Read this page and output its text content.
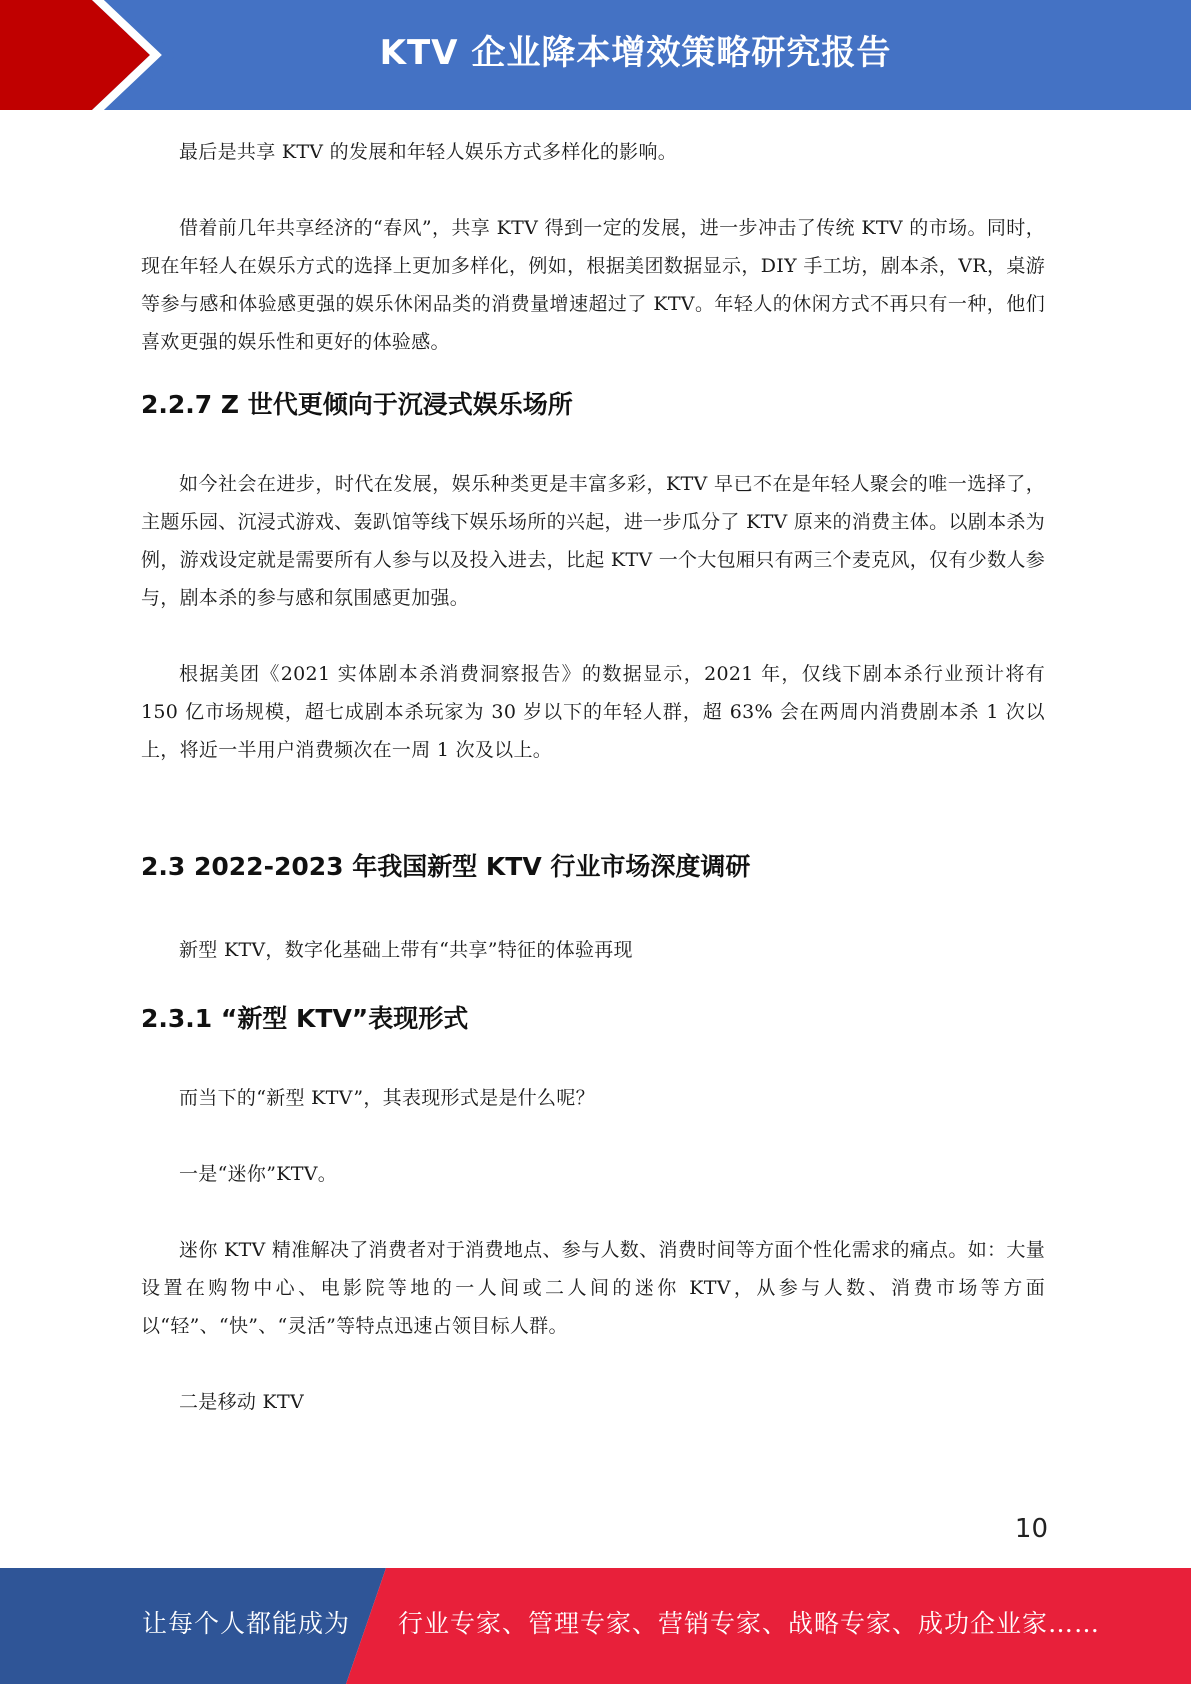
KTV 企业降本增效策略研究报告

最后是共享 KTV 的发展和年轻人娱乐方式多样化的影响。

借着前几年共享经济的“春风”，共享 KTV 得到一定的发展，进一步冲击了传统 KTV 的市场。同时，现在年轻人在娱乐方式的选择上更加多样化，例如，根据美团数据显示，DIY 手工坊，剧本杀，VR，桌游等参与感和体验感更强的娱乐休闲品类的消费量增速超过了 KTV。年轻人的休闲方式不再只有一种，他们喜欢更强的娱乐性和更好的体验感。

2.2.7 Z 世代更倾向于沉浸式娱乐场所

如今社会在进步，时代在发展，娱乐种类更是丰富多彩，KTV 早已不在是年轻人聚会的唯一选择了，主题乐园、沉浸式游戏、轰趴馆等线下娱乐场所的兴起，进一步瓜分了 KTV 原来的消费主体。以剧本杀为例，游戏设定就是需要所有人参与以及投入进去，比起 KTV 一个大包厢只有两三个麦克风，仅有少数人参与，剧本杀的参与感和氛围感更加强。

根据美团《2021 实体剧本杀消费洞察报告》的数据显示，2021 年，仅线下剧本杀行业预计将有 150 亿市场规模，超七成剧本杀玩家为 30 岁以下的年轻人群，超 63% 会在两周内消费剧本杀 1 次以上，将近一半用户消费频次在一周 1 次及以上。

2.3 2022-2023 年我国新型 KTV 行业市场深度调研

新型 KTV，数字化基础上带有“共享”特征的体验再现

2.3.1 “新型 KTV”表现形式

而当下的“新型 KTV”，其表现形式是是什么呢？

一是“迷你”KTV。

迷你 KTV 精准解决了消费者对于消费地点、参与人数、消费时间等方面个性化需求的痛点。如：大量设置在购物中心、电影院等地的一人间或二人间的迷你 KTV，从参与人数、消费市场等方面以“轻”、“快”、“灵活”等特点迅速占领目标人群。

二是移动 KTV

10
让每个人都能成为 行业专家、管理专家、营销专家、战略专家、成功企业家……
